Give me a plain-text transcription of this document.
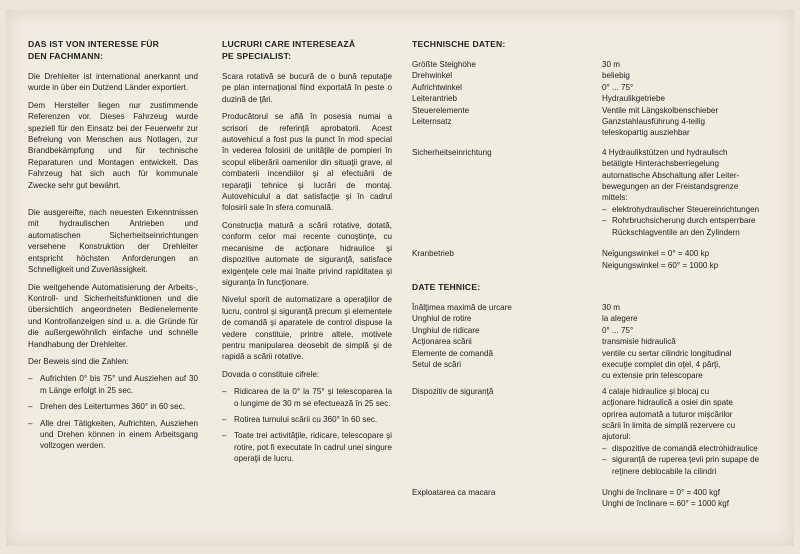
DAS IST VON INTERESSE FÜR
DEN FACHMANN:

Die Drehleiter ist international anerkannt und wurde in über ein Dutzend Länder exportiert.

Dem Hersteller liegen nur zustimmende Referenzen vor. Dieses Fahrzeug wurde speziell für den Einsatz bei der Feuerwehr zur Befreiung von Menschen aus Notlagen, zur Brandbekämpfung und für technische Reparaturen und Montagen entwickelt. Das Fahrzeug hat sich auch für kommunale Zwecke sehr gut bewährt.

Die ausgereifte, nach neuesten Erkenntnissen mit hydraulischen Antrieben und automatischen Sicherheitseinrichtungen versehene Konstruktion der Drehleiter entspricht höchsten Anforderungen an Schnelligkeit und Zuverlässigkeit.

Die weitgehende Automatisierung der Arbeits-, Kontroll- und Sicherheitsfunktionen und die übersichtlich angeordneten Bedienelemente und Kontrollanzeigen sind u. a. die Gründe für die außergewöhnlich einfache und schnelle Handhabung der Drehleiter.

Der Beweis sind die Zahlen:

– Aufrichten 0° bis 75° und Ausziehen auf 30 m Länge erfolgt in 25 sec.
– Drehen des Leiterturmes 360° in 60 sec.
– Alle drei Tätigkeiten, Aufrichten, Ausziehen und Drehen können in einem Arbeitsgang vollzogen werden.
LUCRURI CARE INTERESEAZĂ
PE SPECIALIST:

Scara rotativă se bucură de o bună reputaţie pe plan internaţional fiind exportată în peste o duzină de ţări.

Producătorul se află în posesia numai a scrisori de referinţă aprobatorii. Acest autovehicul a fost pus la punct în mod special în vederea folosirii de unităţile de pompieri în scopul eliberării oamenilor din situaţii grave, al combaterii incendiilor şi al efectuării de reparaţii tehnice şi lucrări de montaj. Autovehiculul a dat satisfacţie şi în cadrul folosirii sale în sfera comunală.

Construcţia matură a scării rotative, dotată, conform celor mai recente cunoştinţe, cu mecanisme de acţionare hidraulice şi dispozitive automate de siguranţă, satisface exigenţele cele mai înalte privind rapiditatea şi siguranţa în funcţionare.

Nivelul sporit de automatizare a operaţiilor de lucru, control şi siguranţă precum şi elementele de comandă şi aparatele de control dispuse la vedere constituie, printre altele, motivele pentru manipularea deosebit de simplă şi de rapidă a scării rotative.

Dovada o constituie cifrele:

– Ridicarea de la 0° la 75° şi telescoparea la o lungime de 30 m se efectuează în 25 sec.
– Rotirea turnului scării cu 360° în 60 sec.
– Toate trei activităţile, ridicare, telescopare şi rotire, pot fi executate în cadrul unei singure operaţii de lucru.
TECHNISCHE DATEN:
Größte Steighöhe	30 m
Drehwinkel	beliebig
Aufrichtwinkel	0° ... 75°
Leiterantrieb	Hydraulikgetriebe
Steuerelemente	Ventile mit Längskolbenschieber
Leiternsatz	Ganzstahlausführung 4-teilig
teleskopartig ausziehbar
Sicherheitseinrichtung	4 Hydraulikstützen und hydraulisch
betätigte Hinterachsberriegelung
automatische Abschaltung aller Leiter-
bewegungen an der Freistandsgrenze
mittels:
– elektrohydraulischer Steuereinrichtungen
– Rohrbruchsicherung durch entsperrbare Rückschlagventile an den Zylindern
Kranbetrieb	Neigungswinkel = 0° = 400 kp
Neigungswinkel = 60° = 1000 kp
DATE TEHNICE:
Înălţimea maximă de urcare	30 m
Unghiul de rotire	la alegere
Unghiul de ridicare	0° ... 75°
Acţionarea scării	transmisie hidraulică
Elemente de comandă	ventile cu sertar cilindric longitudinal
Setul de scări	execuţie complet din oţel, 4 părţi,
cu extensie prin telescopare
Dispozitiv de siguranţă	4 calaje hidraulice şi blocaj cu
acţionare hidraulică a osiei din spate
oprirea automată a tuturor mişcărilor
scării în limita de simplă rezervere cu
ajutorul:
– dispozitive de comandă electrohidraulice
– siguranţă de ruperea ţevii prin supape de reţinere deblocabile la cilindri
Exploatarea ca macara	Unghi de înclinare = 0° = 400 kgf
Unghi de înclinare = 60° = 1000 kgf
